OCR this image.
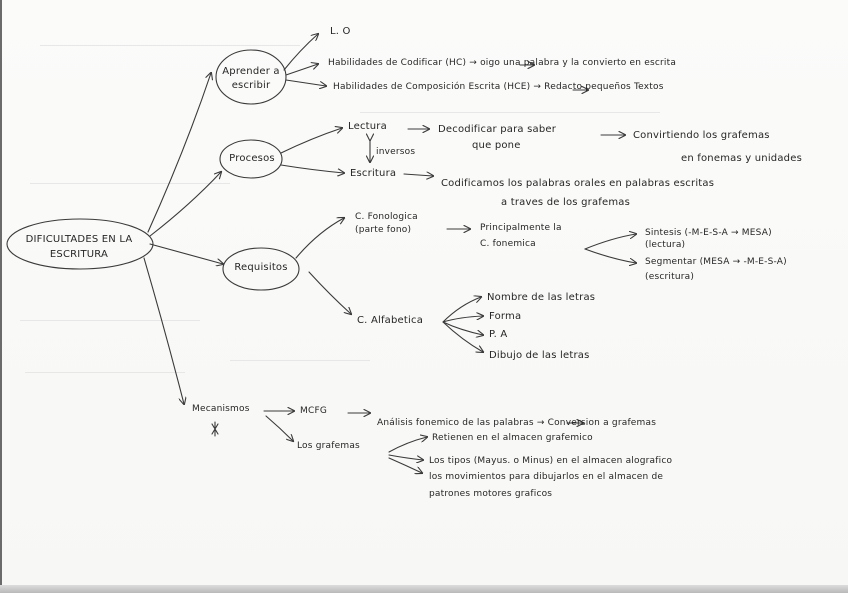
DIFICULTADES EN LA
ESCRITURA
Aprender a
escribir
L. O
Habilidades de Codificar (HC) → oigo una palabra y la convierto en escrita
Habilidades de Composición Escrita (HCE) → Redacto pequeños Textos
Procesos
Lectura	Decodificar para saber
que pone
Convirtiendo los grafemas
en fonemas y unidades
inversos
Escritura
Codificamos los palabras orales en palabras escritas
a traves de los grafemas
Requisitos
C. Fonologica
(parte fono)	Principalmente la
C. fonemica
Sintesis (-M-E-S-A → MESA)
(lectura)
Segmentar (MESA → -M-E-S-A)
(escritura)
C. Alfabetica
Nombre de las letras
Forma
P. A
Dibujo de las letras
Mecanismos	MCFG
Análisis fonemico de las palabras → Conversion a grafemas
Los grafemas
Retienen en el almacen grafemico
Los tipos (Mayus. o Minus) en el almacen alografico
los movimientos para dibujarlos en el almacen de
patrones motores graficos
